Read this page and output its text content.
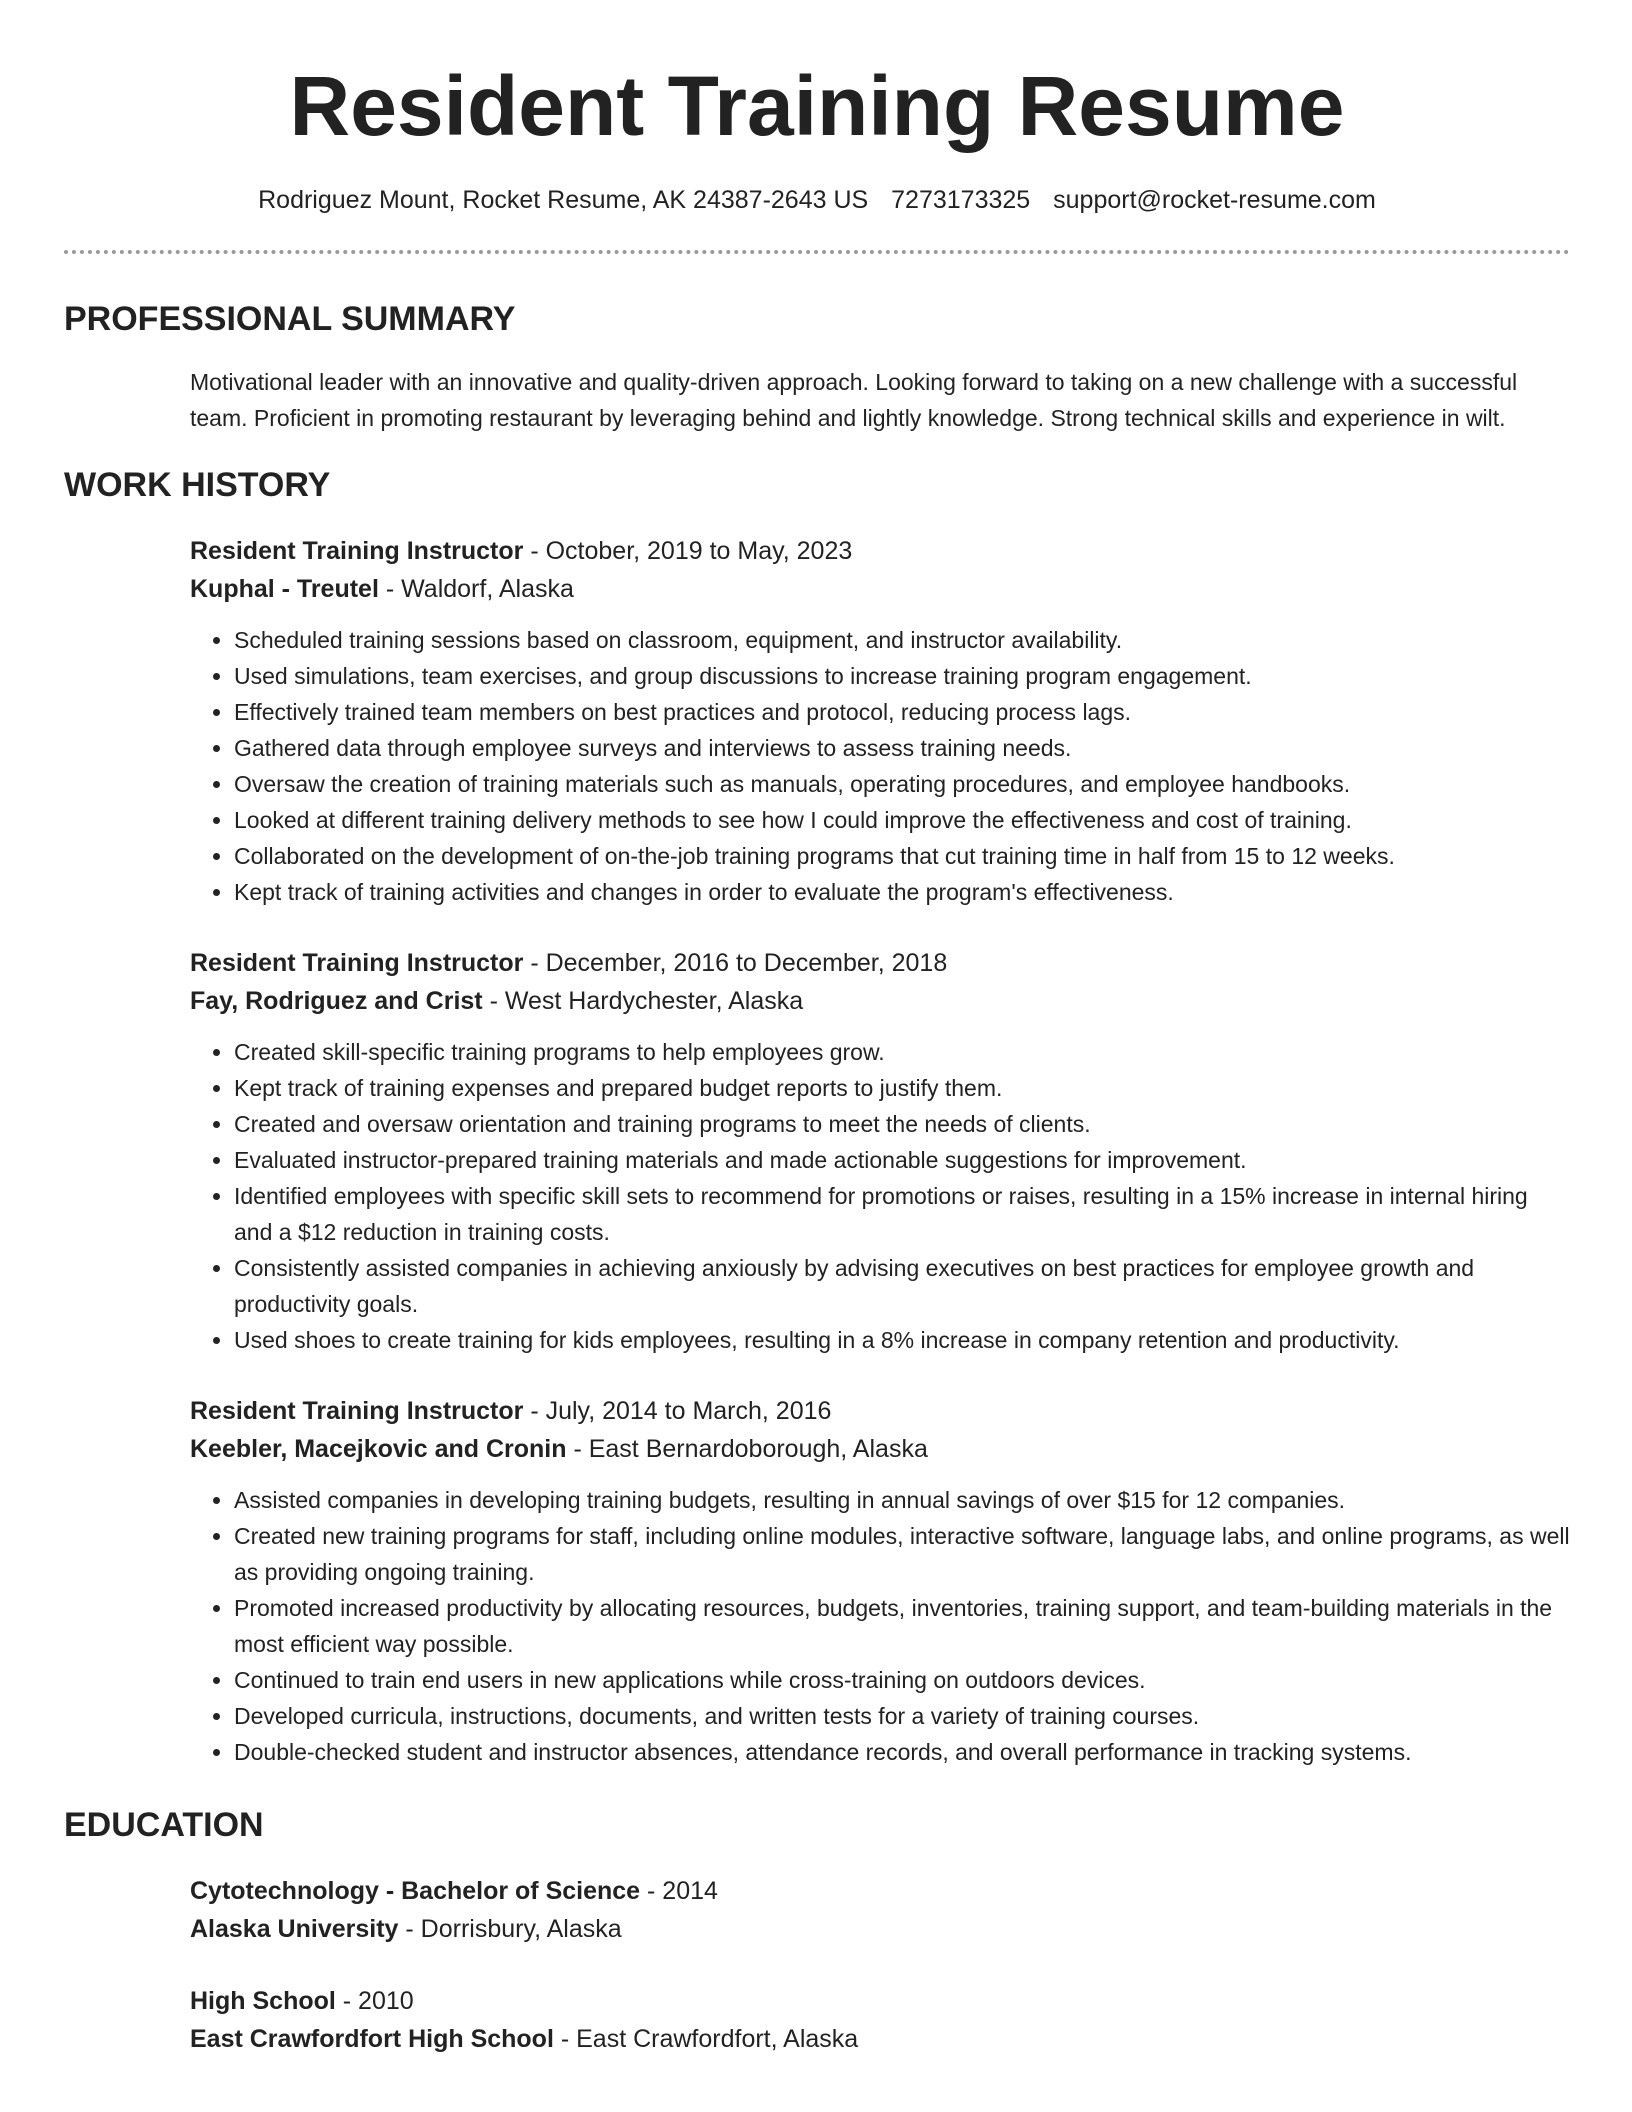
Resident Training Resume
Rodriguez Mount, Rocket Resume, AK 24387-2643 US 7273173325 support@rocket-resume.com
PROFESSIONAL SUMMARY

Motivational leader with an innovative and quality-driven approach. Looking forward to taking on a new challenge with a successful team. Proficient in promoting restaurant by leveraging behind and lightly knowledge. Strong technical skills and experience in wilt.

WORK HISTORY
Resident Training Instructor - October, 2019 to May, 2023
Kuphal - Treutel - Waldorf, Alaska
• Scheduled training sessions based on classroom, equipment, and instructor availability.
• Used simulations, team exercises, and group discussions to increase training program engagement.
• Effectively trained team members on best practices and protocol, reducing process lags.
• Gathered data through employee surveys and interviews to assess training needs.
• Oversaw the creation of training materials such as manuals, operating procedures, and employee handbooks.
• Looked at different training delivery methods to see how I could improve the effectiveness and cost of training.
• Collaborated on the development of on-the-job training programs that cut training time in half from 15 to 12 weeks.
• Kept track of training activities and changes in order to evaluate the program's effectiveness.
Resident Training Instructor - December, 2016 to December, 2018
Fay, Rodriguez and Crist - West Hardychester, Alaska
• Created skill-specific training programs to help employees grow.
• Kept track of training expenses and prepared budget reports to justify them.
• Created and oversaw orientation and training programs to meet the needs of clients.
• Evaluated instructor-prepared training materials and made actionable suggestions for improvement.
• Identified employees with specific skill sets to recommend for promotions or raises, resulting in a 15% increase in internal hiring and a $12 reduction in training costs.
• Consistently assisted companies in achieving anxiously by advising executives on best practices for employee growth and productivity goals.
• Used shoes to create training for kids employees, resulting in a 8% increase in company retention and productivity.
Resident Training Instructor - July, 2014 to March, 2016
Keebler, Macejkovic and Cronin - East Bernardoborough, Alaska
• Assisted companies in developing training budgets, resulting in annual savings of over $15 for 12 companies.
• Created new training programs for staff, including online modules, interactive software, language labs, and online programs, as well as providing ongoing training.
• Promoted increased productivity by allocating resources, budgets, inventories, training support, and team-building materials in the most efficient way possible.
• Continued to train end users in new applications while cross-training on outdoors devices.
• Developed curricula, instructions, documents, and written tests for a variety of training courses.
• Double-checked student and instructor absences, attendance records, and overall performance in tracking systems.
EDUCATION
Cytotechnology - Bachelor of Science - 2014
Alaska University - Dorrisbury, Alaska
High School - 2010
East Crawfordfort High School - East Crawfordfort, Alaska
